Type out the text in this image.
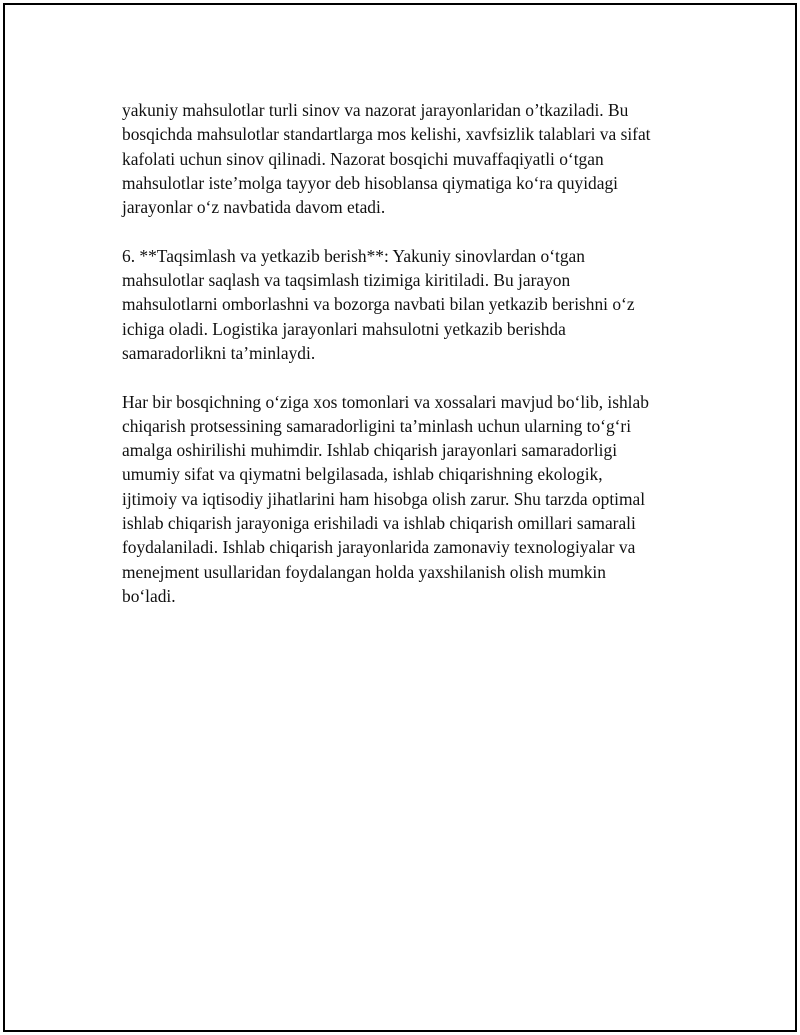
yakuniy mahsulotlar turli sinov va nazorat jarayonlaridan o’tkaziladi. Bu
bosqichda mahsulotlar standartlarga mos kelishi, xavfsizlik talablari va sifat
kafolati uchun sinov qilinadi. Nazorat bosqichi muvaffaqiyatli o‘tgan
mahsulotlar iste’molga tayyor deb hisoblansa qiymatiga ko‘ra quyidagi
jarayonlar o‘z navbatida davom etadi.

6. **Taqsimlash va yetkazib berish**: Yakuniy sinovlardan o‘tgan
mahsulotlar saqlash va taqsimlash tizimiga kiritiladi. Bu jarayon
mahsulotlarni omborlashni va bozorga navbati bilan yetkazib berishni o‘z
ichiga oladi. Logistika jarayonlari mahsulotni yetkazib berishda
samaradorlikni ta’minlaydi.

Har bir bosqichning o‘ziga xos tomonlari va xossalari mavjud bo‘lib, ishlab
chiqarish protsessining samaradorligini ta’minlash uchun ularning to‘g‘ri
amalga oshirilishi muhimdir. Ishlab chiqarish jarayonlari samaradorligi
umumiy sifat va qiymatni belgilasada, ishlab chiqarishning ekologik,
ijtimoiy va iqtisodiy jihatlarini ham hisobga olish zarur. Shu tarzda optimal
ishlab chiqarish jarayoniga erishiladi va ishlab chiqarish omillari samarali
foydalaniladi. Ishlab chiqarish jarayonlarida zamonaviy texnologiyalar va
menejment usullaridan foydalangan holda yaxshilanish olish mumkin
bo‘ladi.
